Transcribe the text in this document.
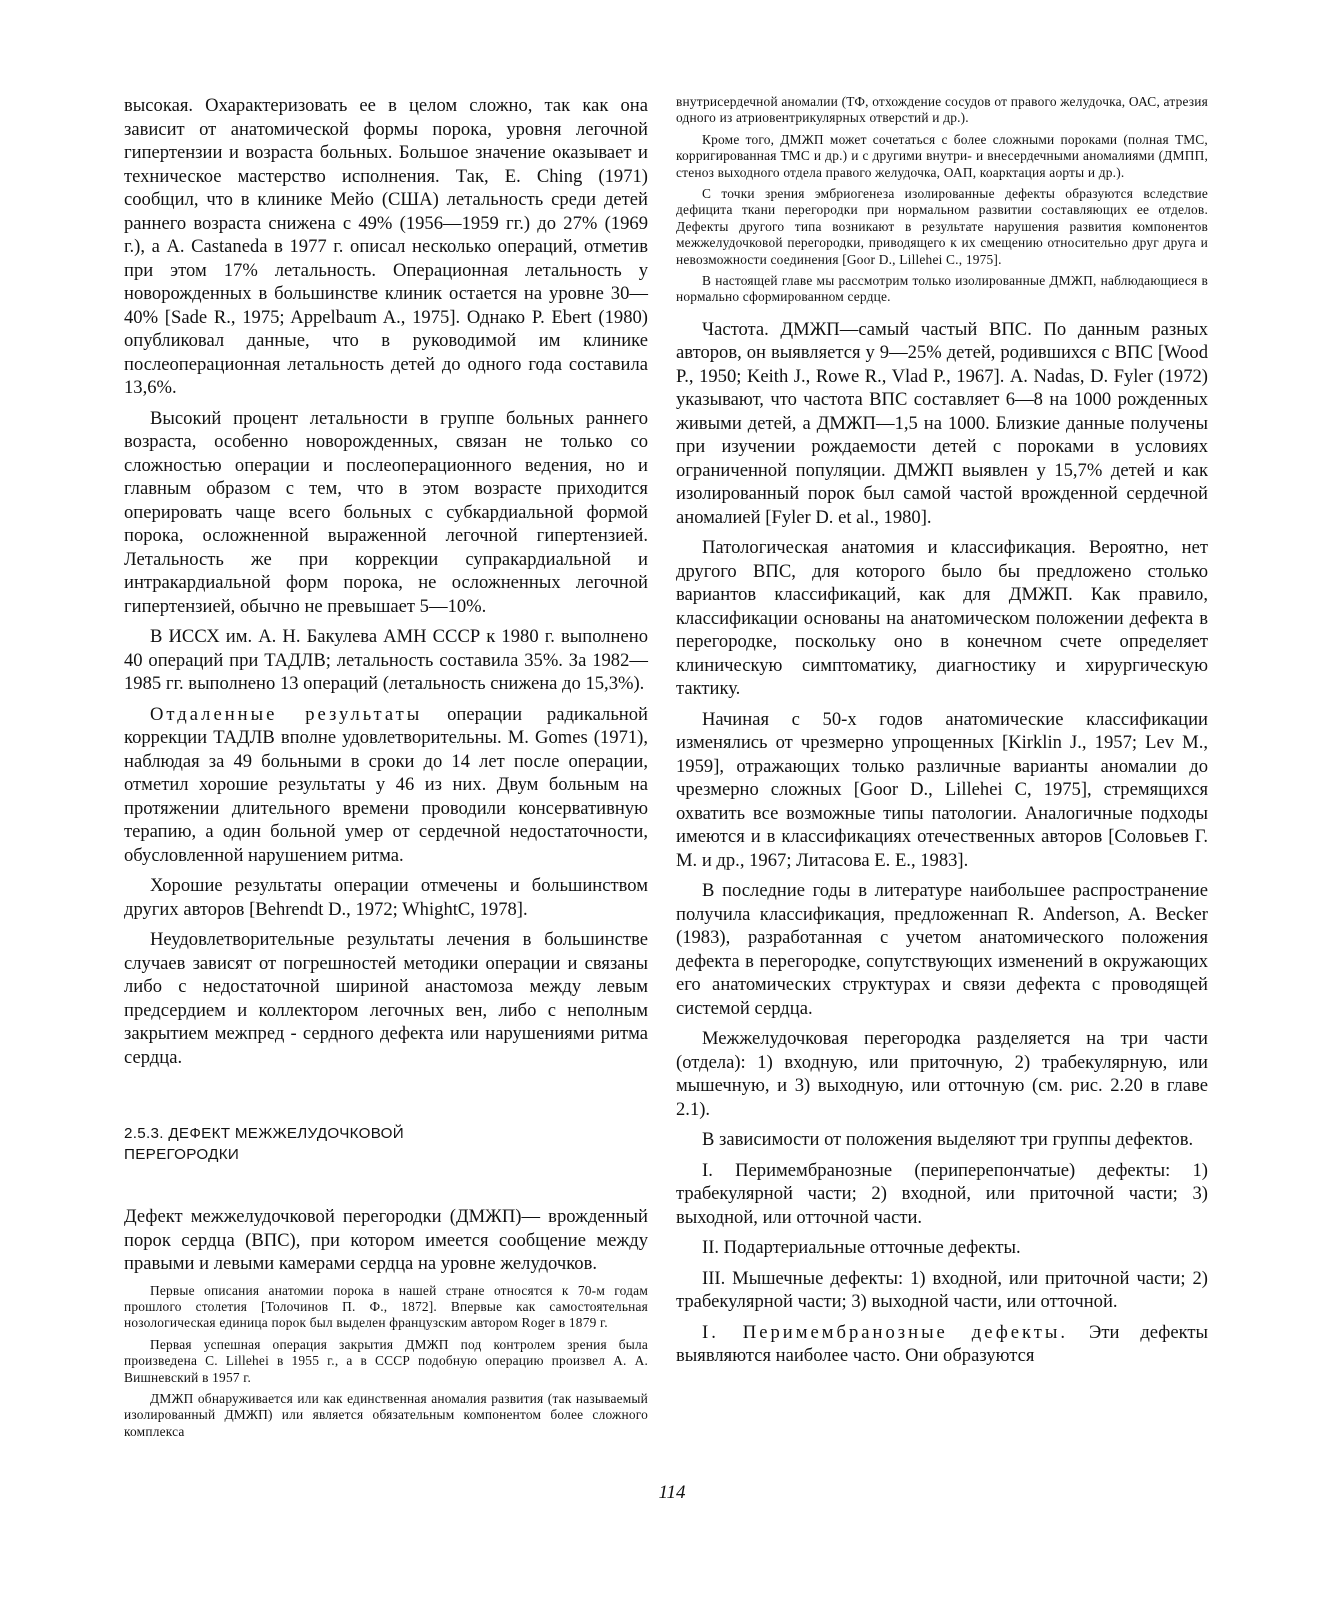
высокая. Охарактеризовать ее в целом сложно, так как она зависит от анатомической формы порока, уровня легочной гипертензии и возраста больных. Большое значение оказывает и техническое мастерство исполнения. Так, E. Ching (1971) сообщил, что в клинике Мейо (США) летальность среди детей раннего возраста снижена с 49% (1956—1959 гг.) до 27% (1969 г.), а A. Castaneda в 1977 г. описал несколько операций, отметив при этом 17% летальность. Операционная летальность у новорожденных в большинстве клиник остается на уровне 30—40% [Sade R., 1975; Appelbaum A., 1975]. Однако P. Ebert (1980) опубликовал данные, что в руководимой им клинике послеоперационная летальность детей до одного года составила 13,6%.

Высокий процент летальности в группе больных раннего возраста, особенно новорожденных, связан не только со сложностью операции и послеоперационного ведения, но и главным образом с тем, что в этом возрасте приходится оперировать чаще всего больных с субкардиальной формой порока, осложненной выраженной легочной гипертензией. Летальность же при коррекции супракардиальной и интракардиальной форм порока, не осложненных легочной гипертензией, обычно не превышает 5—10%.

В ИССХ им. А. Н. Бакулева АМН СССР к 1980 г. выполнено 40 операций при ТАДЛВ; летальность составила 35%. За 1982—1985 гг. выполнено 13 операций (летальность снижена до 15,3%).

Отдаленные результаты операции радикальной коррекции ТАДЛВ вполне удовлетворительны. M. Gomes (1971), наблюдая за 49 больными в сроки до 14 лет после операции, отметил хорошие результаты у 46 из них. Двум больным на протяжении длительного времени проводили консервативную терапию, а один больной умер от сердечной недостаточности, обусловленной нарушением ритма.

Хорошие результаты операции отмечены и большинством других авторов [Behrendt D., 1972; WhightC, 1978].

Неудовлетворительные результаты лечения в большинстве случаев зависят от погрешностей методики операции и связаны либо с недостаточной шириной анастомоза между левым предсердием и коллектором легочных вен, либо с неполным закрытием межпред - сердного дефекта или нарушениями ритма сердца.

2.5.3. ДЕФЕКТ МЕЖЖЕЛУДОЧКОВОЙ
ПЕРЕГОРОДКИ

Дефект межжелудочковой перегородки (ДМЖП)— врожденный порок сердца (ВПС), при котором имеется сообщение между правыми и левыми камерами сердца на уровне желудочков.

Первые описания анатомии порока в нашей стране относятся к 70-м годам прошлого столетия [Толочинов П. Ф., 1872]. Впервые как самостоятельная нозологическая единица порок был выделен французским автором Roger в 1879 г.

Первая успешная операция закрытия ДМЖП под контролем зрения была произведена С. Lillehei в 1955 г., а в СССР подобную операцию произвел А. А. Вишневский в 1957 г.

ДМЖП обнаруживается или как единственная аномалия развития (так называемый изолированный ДМЖП) или является обязательным компонентом более сложного комплекса

внутрисердечной аномалии (ТФ, отхождение сосудов от правого желудочка, ОАС, атрезия одного из атриовентрикулярных отверстий и др.).

Кроме того, ДМЖП может сочетаться с более сложными пороками (полная ТМС, корригированная ТМС и др.) и с другими внутри- и внесердечными аномалиями (ДМПП, стеноз выходного отдела правого желудочка, ОАП, коарктация аорты и др.).

С точки зрения эмбриогенеза изолированные дефекты образуются вследствие дефицита ткани перегородки при нормальном развитии составляющих ее отделов. Дефекты другого типа возникают в результате нарушения развития компонентов межжелудочковой перегородки, приводящего к их смещению относительно друг друга и невозможности соединения [Goor D., Lillehei C., 1975].

В настоящей главе мы рассмотрим только изолированные ДМЖП, наблюдающиеся в нормально сформированном сердце.

Частота. ДМЖП—самый частый ВПС. По данным разных авторов, он выявляется у 9—25% детей, родившихся с ВПС [Wood P., 1950; Keith J., Rowe R., Vlad P., 1967]. A. Nadas, D. Fyler (1972) указывают, что частота ВПС составляет 6—8 на 1000 рожденных живыми детей, а ДМЖП—1,5 на 1000. Близкие данные получены при изучении рождаемости детей с пороками в условиях ограниченной популяции. ДМЖП выявлен у 15,7% детей и как изолированный порок был самой частой врожденной сердечной аномалией [Fyler D. et al., 1980].

Патологическая анатомия и классификация. Вероятно, нет другого ВПС, для которого было бы предложено столько вариантов классификаций, как для ДМЖП. Как правило, классификации основаны на анатомическом положении дефекта в перегородке, поскольку оно в конечном счете определяет клиническую симптоматику, диагностику и хирургическую тактику.

Начиная с 50-х годов анатомические классификации изменялись от чрезмерно упрощенных [Kirklin J., 1957; Lev M., 1959], отражающих только различные варианты аномалии до чрезмерно сложных [Goor D., Lillehei C, 1975], стремящихся охватить все возможные типы патологии. Аналогичные подходы имеются и в классификациях отечественных авторов [Соловьев Г. М. и др., 1967; Литасова Е. Е., 1983].

В последние годы в литературе наибольшее распространение получила классификация, предложеннап R. Anderson, A. Becker (1983), разработанная с учетом анатомического положения дефекта в перегородке, сопутствующих изменений в окружающих его анатомических структурах и связи дефекта с проводящей системой сердца.

Межжелудочковая перегородка разделяется на три части (отдела): 1) входную, или приточную, 2) трабекулярную, или мышечную, и 3) выходную, или отточную (см. рис. 2.20 в главе 2.1).

В зависимости от положения выделяют три группы дефектов.

I. Перимембранозные (периперепончатые) дефекты: 1) трабекулярной части; 2) входной, или приточной части; 3) выходной, или отточной части.

II. Подартериальные отточные дефекты.

III. Мышечные дефекты: 1) входной, или приточной части; 2) трабекулярной части; 3) выходной части, или отточной.

I. Перимембранозные дефекты. Эти дефекты выявляются наиболее часто. Они образуются

114
